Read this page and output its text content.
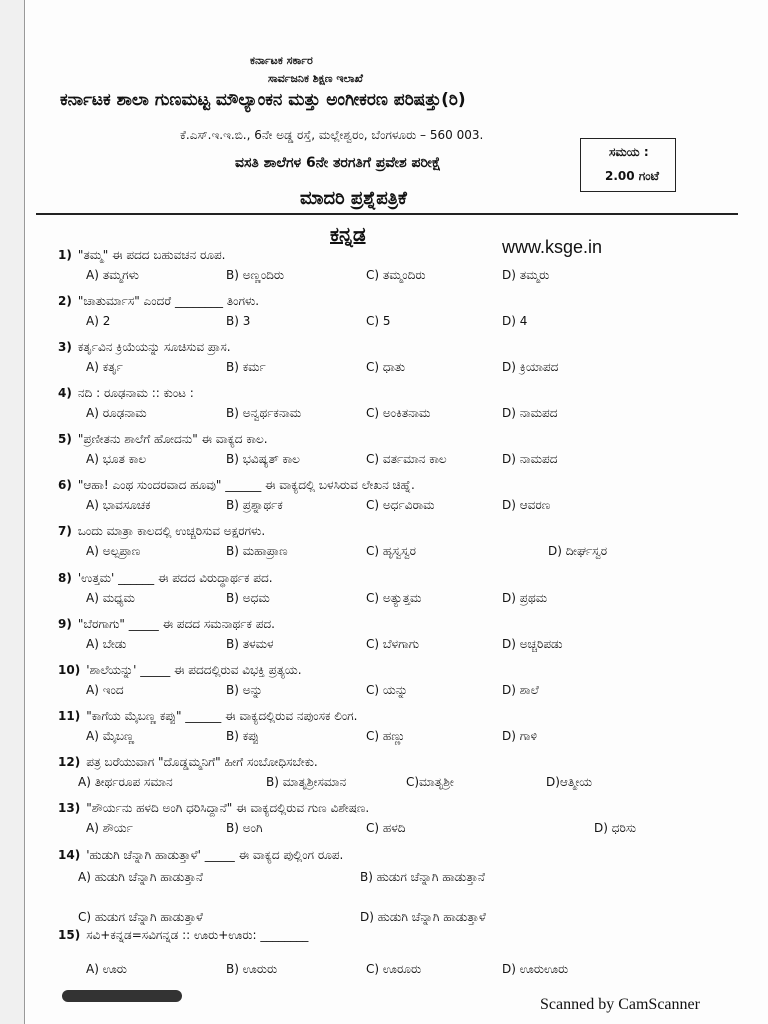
ಕರ್ನಾಟಕ ಸರ್ಕಾರ
ಸಾರ್ವಜನಿಕ ಶಿಕ್ಷಣ ಇಲಾಖೆ
ಕರ್ನಾಟಕ ಶಾಲಾ ಗುಣಮಟ್ಟ ಮೌಲ್ಯಾಂಕನ ಮತ್ತು ಅಂಗೀಕರಣ ಪರಿಷತ್ತು(ರಿ)
ಕೆ.ಎಸ್.ಇ.ಇ.ಬಿ., 6ನೇ ಅಡ್ಡ ರಸ್ತೆ, ಮಲ್ಲೇಶ್ವರಂ, ಬೆಂಗಳೂರು – 560 003.
ವಸತಿ ಶಾಲೆಗಳ 6ನೇ ತರಗತಿಗೆ ಪ್ರವೇಶ ಪರೀಕ್ಷೆ
ಸಮಯ :
2.00 ಗಂಟೆ
ಮಾದರಿ ಪ್ರಶ್ನೆಪತ್ರಿಕೆ
ಕನ್ನಡ
www.ksge.in
1) "ತಮ್ಮ" ಈ ಪದದ ಬಹುವಚನ ರೂಪ.
A) ತಮ್ಮಗಳು	B) ಅಣ್ಣಂದಿರು	C) ತಮ್ಮಂದಿರು	D) ತಮ್ಮರು
2) "ಚಾತುರ್ಮಾಸ" ಎಂದರೆ ________ ತಿಂಗಳು.
A) 2	B) 3	C) 5	D) 4
3) ಕರ್ತೃವಿನ ಕ್ರಿಯೆಯನ್ನು ಸೂಚಿಸುವ ಪ್ರಾಸ.
A) ಕರ್ತೃ	B) ಕರ್ಮ	C) ಧಾತು	D) ಕ್ರಿಯಾಪದ
4) ನದಿ : ರೂಢನಾಮ :: ಕುಂಟ :
A) ರೂಢನಾಮ	B) ಅನ್ವರ್ಥಕನಾಮ	C) ಅಂಕಿತನಾಮ	D) ನಾಮಪದ
5) "ಪ್ರಣೀತನು ಶಾಲೆಗೆ ಹೋದನು" ಈ ವಾಕ್ಯದ ಕಾಲ.
A) ಭೂತ ಕಾಲ	B) ಭವಿಷ್ಯತ್ ಕಾಲ	C) ವರ್ತಮಾನ ಕಾಲ	D) ನಾಮಪದ
6) "ಆಹಾ! ಎಂಥ ಸುಂದರವಾದ ಹೂವು" ______ ಈ ವಾಕ್ಯದಲ್ಲಿ ಬಳಸಿರುವ ಲೇಖನ ಚಿಹ್ನೆ.
A) ಭಾವಸೂಚಕ	B) ಪ್ರಶ್ನಾರ್ಥಕ	C) ಅರ್ಧವಿರಾಮ	D) ಆವರಣ
7) ಒಂದು ಮಾತ್ರಾ ಕಾಲದಲ್ಲಿ ಉಚ್ಚರಿಸುವ ಅಕ್ಷರಗಳು.
A) ಅಲ್ಪಪ್ರಾಣ	B) ಮಹಾಪ್ರಾಣ	C) ಹೃಸ್ವಸ್ವರ	D) ದೀರ್ಘಸ್ವರ
8) 'ಉತ್ತಮ' ______ ಈ ಪದದ ವಿರುದ್ಧಾರ್ಥಕ ಪದ.
A) ಮಧ್ಯಮ	B) ಅಧಮ	C) ಅತ್ಯುತ್ತಮ	D) ಪ್ರಥಮ
9) "ಬೆರಗಾಗು" _____ ಈ ಪದದ ಸಮನಾರ್ಥಕ ಪದ.
A) ಬೇಡು	B) ತಳಮಳ	C) ಬೆಳಗಾಗು	D) ಅಚ್ಚರಿಪಡು
10) 'ಶಾಲೆಯನ್ನು' _____ ಈ ಪದದಲ್ಲಿರುವ ವಿಭಕ್ತಿ ಪ್ರತ್ಯಯ.
A) ಇಂದ	B) ಅನ್ನು	C) ಯನ್ನು	D) ಶಾಲೆ
11) "ಕಾಗೆಯ ಮೈಬಣ್ಣ ಕಪ್ಪು" ______ ಈ ವಾಕ್ಯದಲ್ಲಿರುವ ನಪುಂಸಕ ಲಿಂಗ.
A) ಮೈಬಣ್ಣ	B) ಕಪ್ಪು	C) ಹಣ್ಣು	D) ಗಾಳಿ
12) ಪತ್ರ ಬರೆಯುವಾಗ "ದೊಡ್ಡಮ್ಮನಿಗೆ" ಹೀಗೆ ಸಂಬೋಧಿಸಬೇಕು.
A) ತೀರ್ಥರೂಪ ಸಮಾನ	B) ಮಾತೃಶ್ರೀಸಮಾನ	C)ಮಾತೃಶ್ರೀ	D)ಆತ್ಮೀಯ
13) "ಶೌರ್ಯನು ಹಳದಿ ಅಂಗಿ ಧರಿಸಿದ್ದಾನೆ" ಈ ವಾಕ್ಯದಲ್ಲಿರುವ ಗುಣ ವಿಶೇಷಣ.
A) ಶೌರ್ಯ	B) ಅಂಗಿ	C) ಹಳದಿ	D) ಧರಿಸು
14) 'ಹುಡುಗಿ ಚೆನ್ನಾಗಿ ಹಾಡುತ್ತಾಳೆ' _____ ಈ ವಾಕ್ಯದ ಪುಲ್ಲಿಂಗ ರೂಪ.
A) ಹುಡುಗಿ ಚೆನ್ನಾಗಿ ಹಾಡುತ್ತಾನೆ	B) ಹುಡುಗ ಚೆನ್ನಾಗಿ ಹಾಡುತ್ತಾನೆ
C) ಹುಡುಗ ಚೆನ್ನಾಗಿ ಹಾಡುತ್ತಾಳೆ	D) ಹುಡುಗಿ ಚೆನ್ನಾಗಿ ಹಾಡುತ್ತಾಳೆ
15) ಸವಿ+ಕನ್ನಡ=ಸವಿಗನ್ನಡ :: ಊರು+ಊರು: ________
A) ಊರು	B) ಊರುರು	C) ಊರೂರು	D) ಊರುಊರು
Scanned by CamScanner
